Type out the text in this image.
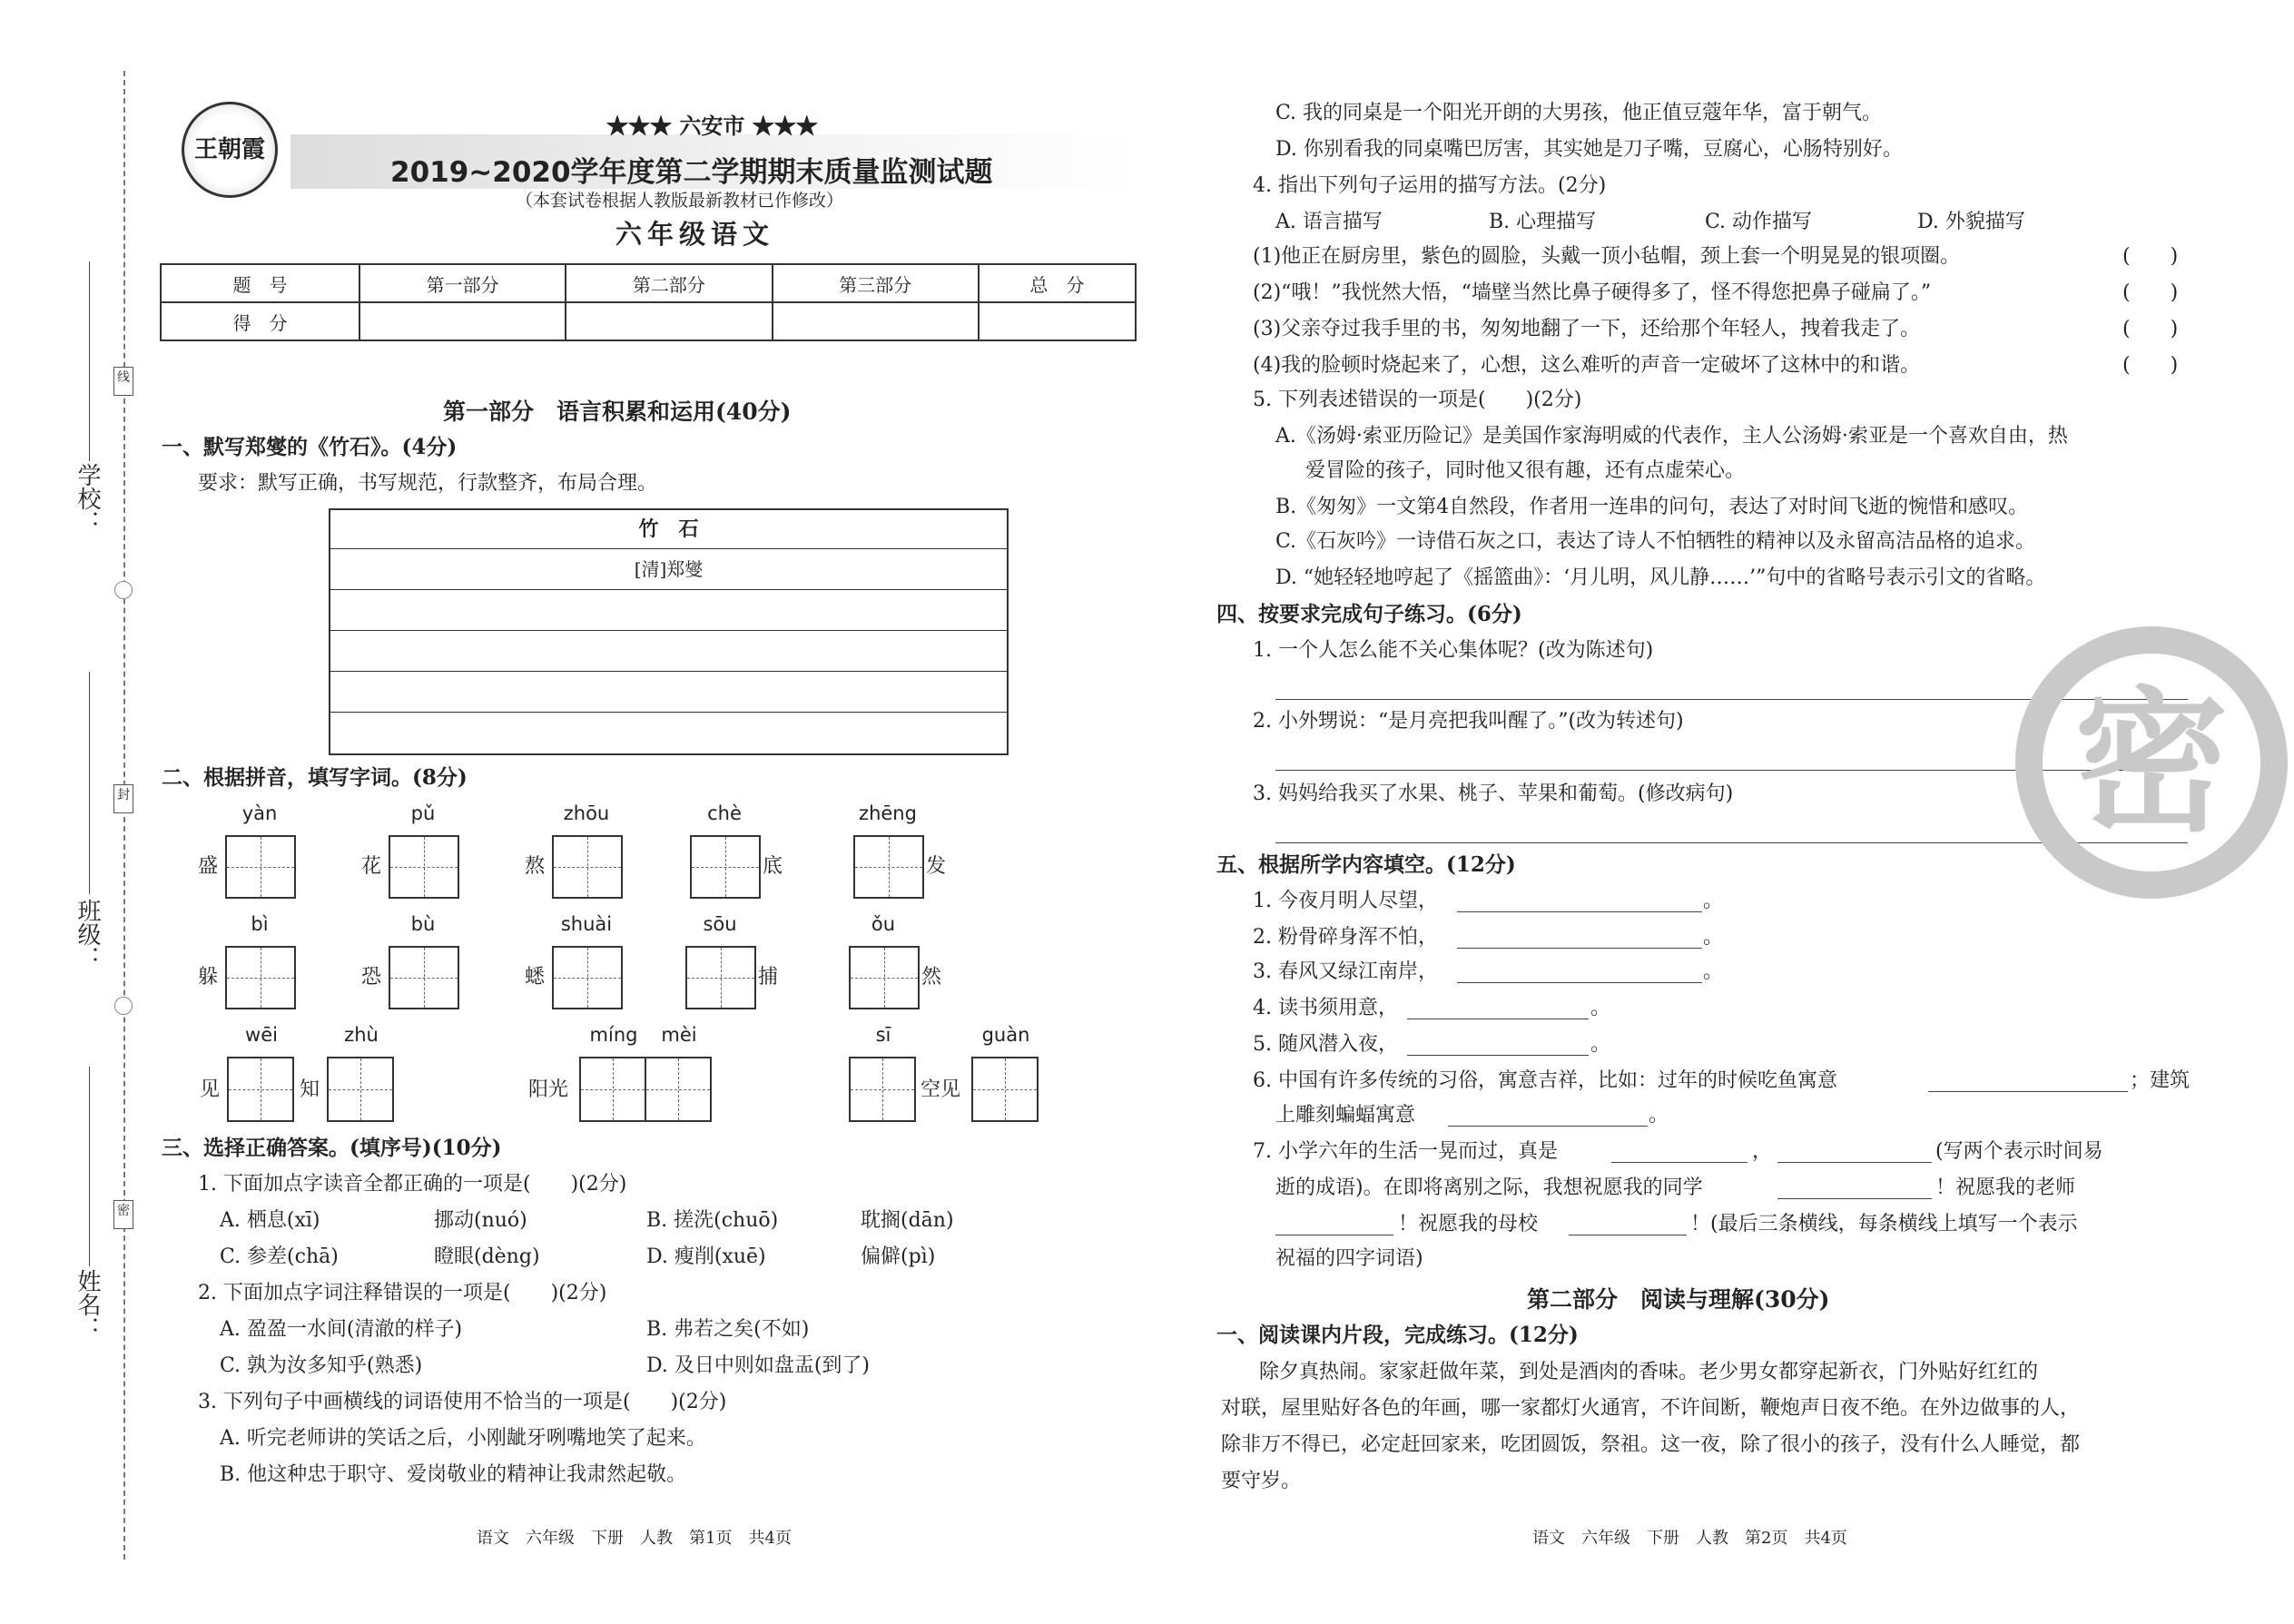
学校：
班级：
姓名：
线
封
密
王朝霞
★★★ 六安市 ★★★
2019~2020学年度第二学期期末质量监测试题
（本套试卷根据人教版最新教材已作修改）
六年级语文
题　号	第一部分	第二部分	第三部分	总　分
得　分				
第一部分　语言积累和运用(40分)
一、默写郑燮的《竹石》。(4分)
要求：默写正确，书写规范，行款整齐，布局合理。
竹　石
[清]郑燮
二、根据拼音，填写字词。(8分)
yàn
盛
pǔ
花
zhōu
熬
chè
底
zhēng
发
bì
躲
bù
恐
shuài
蟋
sōu
捕
ǒu
然
wēi
见	知
zhù
阳光
míng	mèi	sī
空见
guàn
三、选择正确答案。(填序号)(10分)
1. 下面加点字读音全都正确的一项是(　　)(2分)
A. 栖息(xī)	挪动(nuó)	B. 搓洗(chuō)	耽搁(dān)
C. 参差(chā)	瞪眼(dèng)	D. 瘦削(xuē)	偏僻(pì)
2. 下面加点字词注释错误的一项是(　　)(2分)
A. 盈盈一水间(清澈的样子)	B. 弗若之矣(不如)
C. 孰为汝多知乎(熟悉)	D. 及日中则如盘盂(到了)
3. 下列句子中画横线的词语使用不恰当的一项是(　　)(2分)
A. 听完老师讲的笑话之后，小刚龇牙咧嘴地笑了起来。
B. 他这种忠于职守、爱岗敬业的精神让我肃然起敬。
语文　六年级　下册　人教　第1页　共4页
C. 我的同桌是一个阳光开朗的大男孩，他正值豆蔻年华，富于朝气。
D. 你别看我的同桌嘴巴厉害，其实她是刀子嘴，豆腐心，心肠特别好。
4. 指出下列句子运用的描写方法。(2分)
A. 语言描写	B. 心理描写	C. 动作描写	D. 外貌描写
(1)他正在厨房里，紫色的圆脸，头戴一顶小毡帽，颈上套一个明晃晃的银项圈。	(　　)
(2)“哦！”我恍然大悟，“墙壁当然比鼻子硬得多了，怪不得您把鼻子碰扁了。”	(　　)
(3)父亲夺过我手里的书，匆匆地翻了一下，还给那个年轻人，拽着我走了。	(　　)
(4)我的脸顿时烧起来了，心想，这么难听的声音一定破坏了这林中的和谐。	(　　)
5. 下列表述错误的一项是(　　)(2分)
A.《汤姆·索亚历险记》是美国作家海明威的代表作，主人公汤姆·索亚是一个喜欢自由，热
爱冒险的孩子，同时他又很有趣，还有点虚荣心。
B.《匆匆》一文第4自然段，作者用一连串的问句，表达了对时间飞逝的惋惜和感叹。
C.《石灰吟》一诗借石灰之口，表达了诗人不怕牺牲的精神以及永留高洁品格的追求。
D. “她轻轻地哼起了《摇篮曲》：‘月儿明，风儿静……’”句中的省略号表示引文的省略。
四、按要求完成句子练习。(6分)
1. 一个人怎么能不关心集体呢？(改为陈述句)
2. 小外甥说：“是月亮把我叫醒了。”(改为转述句)
3. 妈妈给我买了水果、桃子、苹果和葡萄。(修改病句)
五、根据所学内容填空。(12分)
1. 今夜月明人尽望，	。
2. 粉骨碎身浑不怕，	。
3. 春风又绿江南岸，	。
4. 读书须用意，	。
5. 随风潜入夜，	。
6. 中国有许多传统的习俗，寓意吉祥，比如：过年的时候吃鱼寓意	；建筑
上雕刻蝙蝠寓意	。
7. 小学六年的生活一晃而过，真是	，	(写两个表示时间易
逝的成语)。在即将离别之际，我想祝愿我的同学	！祝愿我的老师
！祝愿我的母校	！(最后三条横线，每条横线上填写一个表示
祝福的四字词语)
第二部分　阅读与理解(30分)
一、阅读课内片段，完成练习。(12分)
除夕真热闹。家家赶做年菜，到处是酒肉的香味。老少男女都穿起新衣，门外贴好红红的
对联，屋里贴好各色的年画，哪一家都灯火通宵，不许间断，鞭炮声日夜不绝。在外边做事的人，
除非万不得已，必定赶回家来，吃团圆饭，祭祖。这一夜，除了很小的孩子，没有什么人睡觉，都
要守岁。
语文　六年级　下册　人教　第2页　共4页
密
